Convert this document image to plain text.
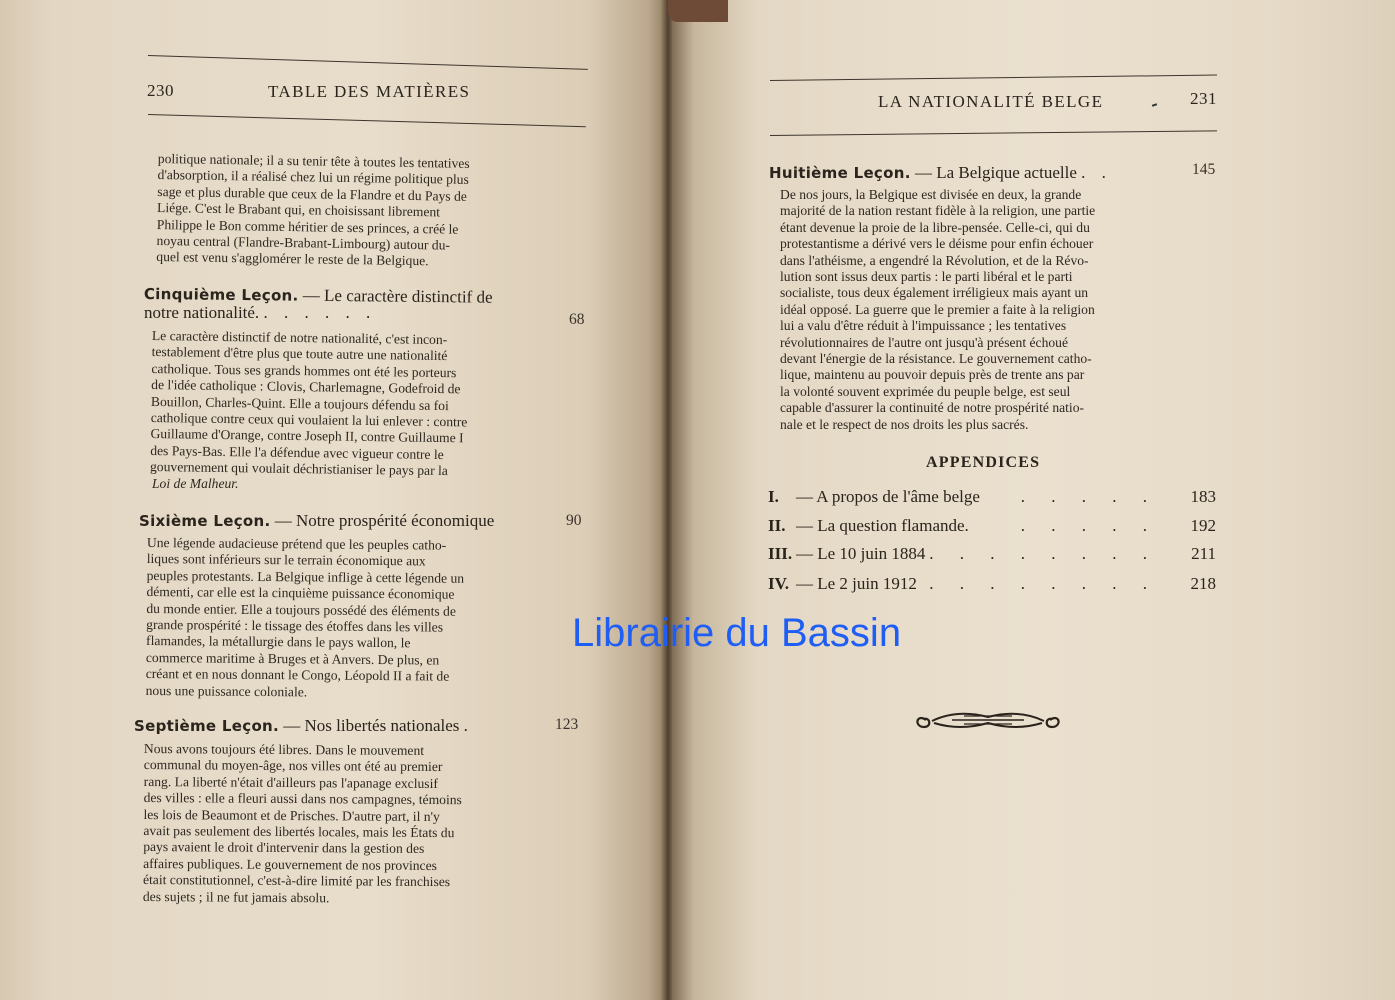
230	TABLE DES MATIÈRES
politique nationale; il a su tenir tête à toutes les tentatives
d'absorption, il a réalisé chez lui un régime politique plus
sage et plus durable que ceux de la Flandre et du Pays de
Liége. C'est le Brabant qui, en choisissant librement
Philippe le Bon comme héritier de ses princes, a créé le
noyau central (Flandre-Brabant-Limbourg) autour du-
quel est venu s'agglomérer le reste de la Belgique.
Cinquième Leçon. — Le caractère distinctif de
notre nationalité. . . . . . .	68
Le caractère distinctif de notre nationalité, c'est incon-
testablement d'être plus que toute autre une nationalité
catholique. Tous ses grands hommes ont été les porteurs
de l'idée catholique : Clovis, Charlemagne, Godefroid de
Bouillon, Charles-Quint. Elle a toujours défendu sa foi
catholique contre ceux qui voulaient la lui enlever : contre
Guillaume d'Orange, contre Joseph II, contre Guillaume I
des Pays-Bas. Elle l'a défendue avec vigueur contre le
gouvernement qui voulait déchristianiser le pays par la
Loi de Malheur.
Sixième Leçon. — Notre prospérité économique	90
Une légende audacieuse prétend que les peuples catho-
liques sont inférieurs sur le terrain économique aux
peuples protestants. La Belgique inflige à cette légende un
démenti, car elle est la cinquième puissance économique
du monde entier. Elle a toujours possédé des éléments de
grande prospérité : le tissage des étoffes dans les villes
flamandes, la métallurgie dans le pays wallon, le
commerce maritime à Bruges et à Anvers. De plus, en
créant et en nous donnant le Congo, Léopold II a fait de
nous une puissance coloniale.
Septième Leçon. — Nos libertés nationales .	123
Nous avons toujours été libres. Dans le mouvement
communal du moyen-âge, nos villes ont été au premier
rang. La liberté n'était d'ailleurs pas l'apanage exclusif
des villes : elle a fleuri aussi dans nos campagnes, témoins
les lois de Beaumont et de Prisches. D'autre part, il n'y
avait pas seulement des libertés locales, mais les États du
pays avaient le droit d'intervenir dans la gestion des
affaires publiques. Le gouvernement de nos provinces
était constitutionnel, c'est-à-dire limité par les franchises
des sujets ; il ne fut jamais absolu.
LA NATIONALITÉ BELGE	231
Huitième Leçon. — La Belgique actuelle . .	145
De nos jours, la Belgique est divisée en deux, la grande
majorité de la nation restant fidèle à la religion, une partie
étant devenue la proie de la libre-pensée. Celle-ci, qui du
protestantisme a dérivé vers le déisme pour enfin échouer
dans l'athéisme, a engendré la Révolution, et de la Révo-
lution sont issus deux partis : le parti libéral et le parti
socialiste, tous deux également irréligieux mais ayant un
idéal opposé. La guerre que le premier a faite à la religion
lui a valu d'être réduit à l'impuissance ; les tentatives
révolutionnaires de l'autre ont jusqu'à présent échoué
devant l'énergie de la résistance. Le gouvernement catho-
lique, maintenu au pouvoir depuis près de trente ans par
la volonté souvent exprimée du peuple belge, est seul
capable d'assurer la continuité de notre prospérité natio-
nale et le respect de nos droits les plus sacrés.
APPENDICES
I. — A propos de l'âme belge	. . . . . 183
II. — La question flamande.	. . . . . 192
III. — Le 10 juin 1884 . . . . . . . . 211
IV. — Le 2 juin 1912 . . . . . . . . 218
Librairie du Bassin
